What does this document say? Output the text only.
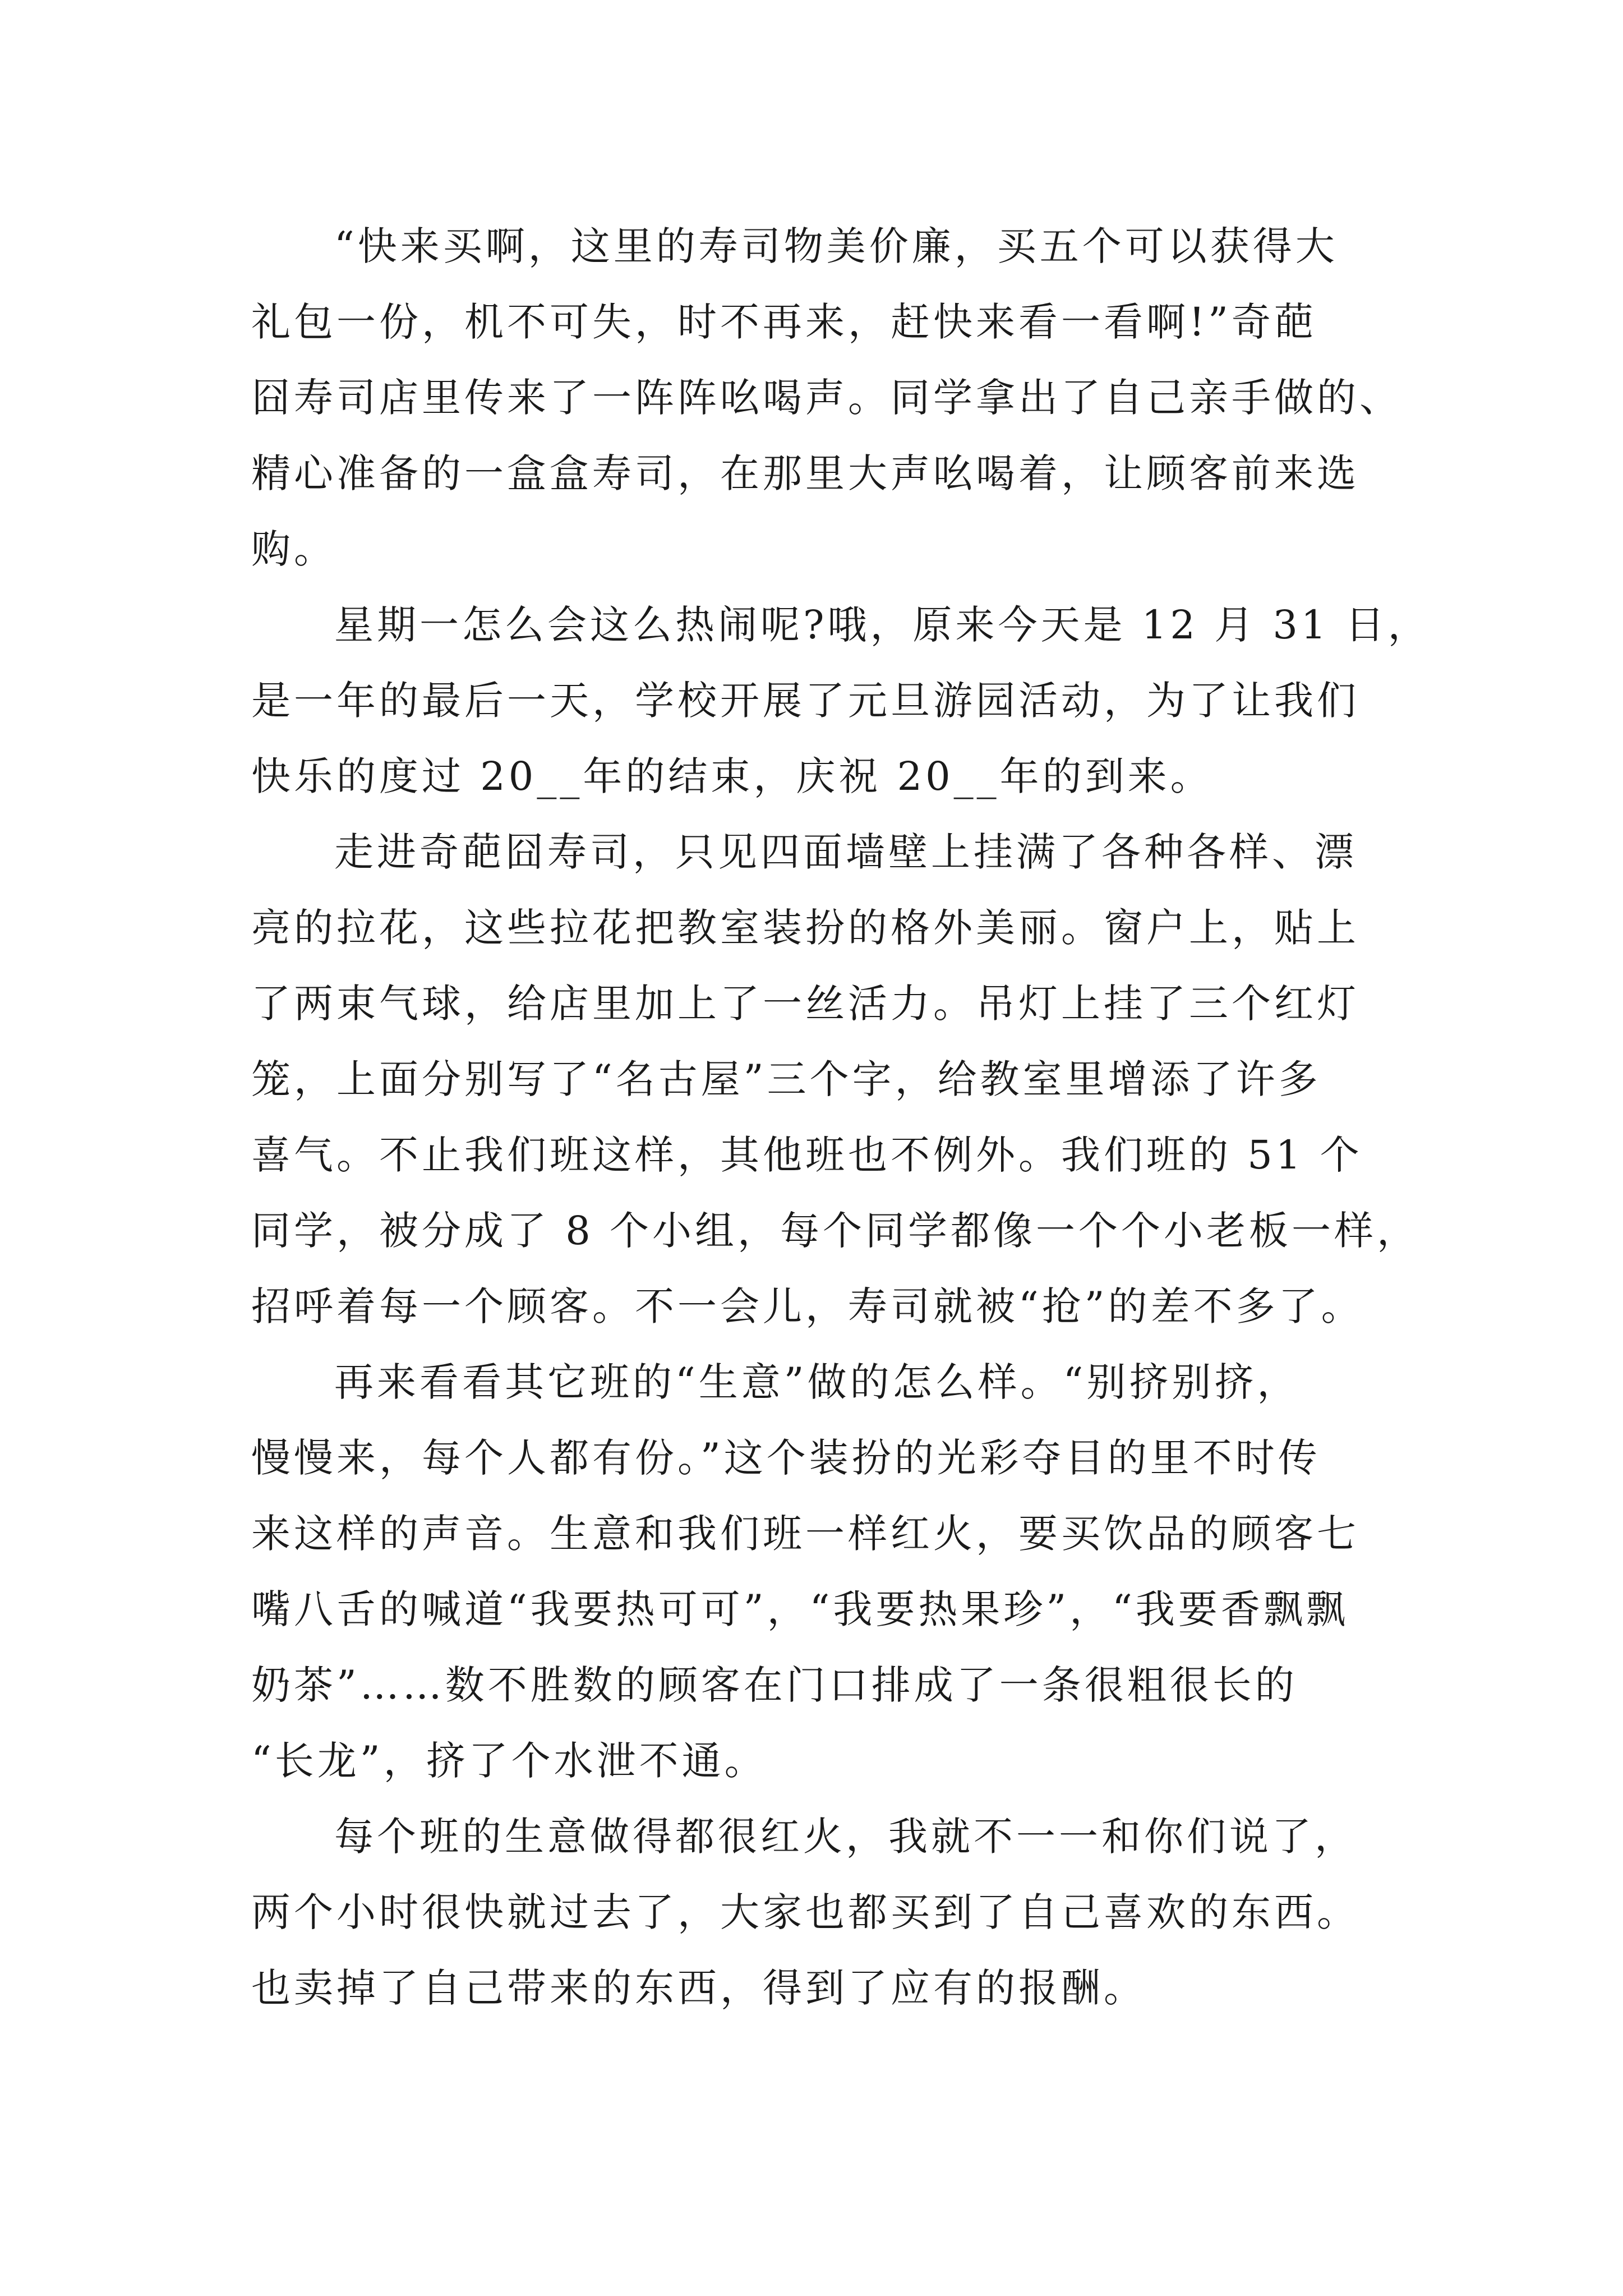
“快来买啊，这里的寿司物美价廉，买五个可以获得大
礼包一份，机不可失，时不再来，赶快来看一看啊!”奇葩
囧寿司店里传来了一阵阵吆喝声。同学拿出了自己亲手做的、
精心准备的一盒盒寿司，在那里大声吆喝着，让顾客前来选
购。
星期一怎么会这么热闹呢?哦，原来今天是 12 月 31 日，
是一年的最后一天，学校开展了元旦游园活动，为了让我们
快乐的度过 20__年的结束，庆祝 20__年的到来。
走进奇葩囧寿司，只见四面墙壁上挂满了各种各样、漂
亮的拉花，这些拉花把教室装扮的格外美丽。窗户上，贴上
了两束气球，给店里加上了一丝活力。吊灯上挂了三个红灯
笼，上面分别写了“名古屋”三个字，给教室里增添了许多
喜气。不止我们班这样，其他班也不例外。我们班的 51 个
同学，被分成了 8 个小组，每个同学都像一个个小老板一样，
招呼着每一个顾客。不一会儿，寿司就被“抢”的差不多了。
再来看看其它班的“生意”做的怎么样。“别挤别挤，
慢慢来，每个人都有份。”这个装扮的光彩夺目的里不时传
来这样的声音。生意和我们班一样红火，要买饮品的顾客七
嘴八舌的喊道“我要热可可”，“我要热果珍”，“我要香飘飘
奶茶”……数不胜数的顾客在门口排成了一条很粗很长的
“长龙”，挤了个水泄不通。
每个班的生意做得都很红火，我就不一一和你们说了，
两个小时很快就过去了，大家也都买到了自己喜欢的东西。
也卖掉了自己带来的东西，得到了应有的报酬。
